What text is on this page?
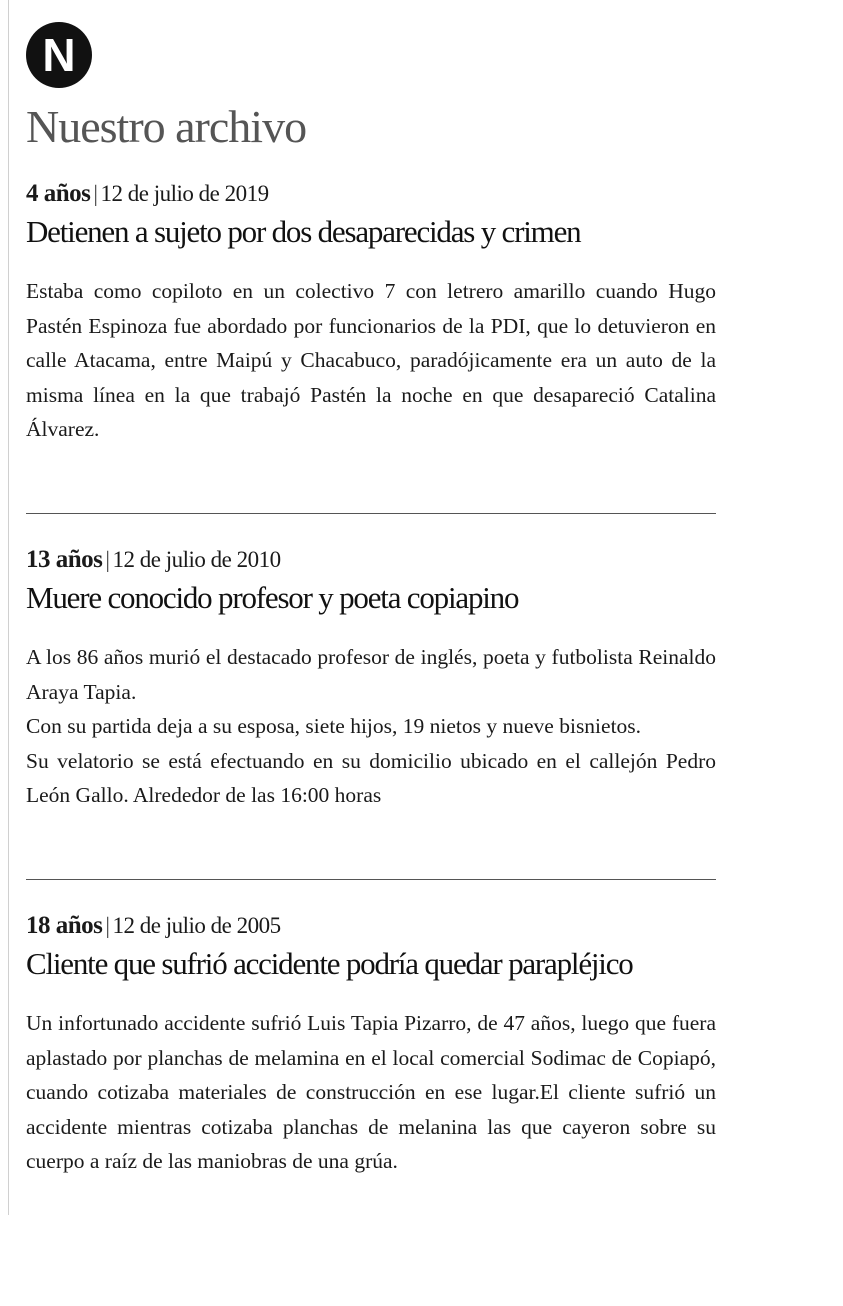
N
Nuestro archivo
4 años | 12 de julio de 2019
Detienen a sujeto por dos desaparecidas y crimen

Estaba como copiloto en un colectivo 7 con letrero amarillo cuando Hugo Pastén Espinoza fue abordado por funcionarios de la PDI, que lo detuvieron en calle Atacama, entre Maipú y Chacabuco, paradójicamente era un auto de la misma línea en la que trabajó Pastén la noche en que desapareció Catalina Álvarez.

13 años | 12 de julio de 2010
Muere conocido profesor y poeta copiapino

A los 86 años murió el destacado profesor de inglés, poeta y futbolista Reinaldo Araya Tapia.

Con su partida deja a su esposa, siete hijos, 19 nietos y nueve bisnietos.

Su velatorio se está efectuando en su domicilio ubicado en el callejón Pedro León Gallo. Alrededor de las 16:00 horas

18 años | 12 de julio de 2005
Cliente que sufrió accidente podría quedar parapléjico

Un infortunado accidente sufrió Luis Tapia Pizarro, de 47 años, luego que fuera aplastado por planchas de melamina en el local comercial Sodimac de Copiapó, cuando cotizaba materiales de construcción en ese lugar.El cliente sufrió un accidente mientras cotizaba planchas de melanina las que cayeron sobre su cuerpo a raíz de las maniobras de una grúa.
